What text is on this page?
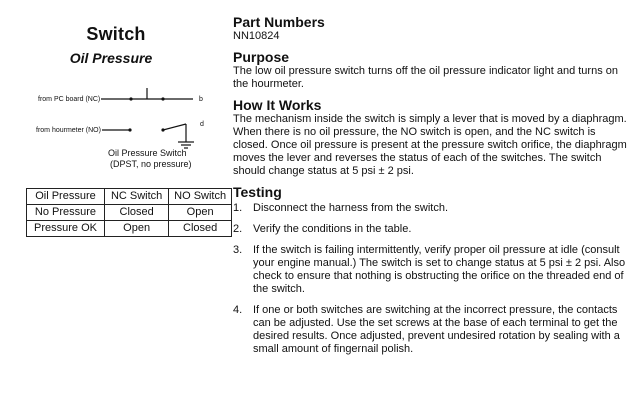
Switch
Oil Pressure
from PC board (NC)	b
from hourmeter (NO)
d
Oil Pressure Switch
(DPST, no pressure)
Oil Pressure	NC Switch	NO Switch
No Pressure	Closed	Open
Pressure OK	Open	Closed
Part Numbers
NN10824
Purpose
The low oil pressure switch turns off the oil pressure indicator light and turns on the hourmeter.
How It Works
The mechanism inside the switch is simply a lever that is moved by a diaphragm. When there is no oil pressure, the NO switch is open, and the NC switch is closed. Once oil pressure is present at the pressure switch orifice, the diaphragm moves the lever and reverses the status of each of the switches. The switch should change status at 5 psi ± 2 psi.
Testing
1. Disconnect the harness from the switch.
2. Verify the conditions in the table.
3. If the switch is failing intermittently, verify proper oil pressure at idle (consult your engine manual.) The switch is set to change status at 5 psi ± 2 psi. Also check to ensure that nothing is obstructing the orifice on the threaded end of the switch.
4. If one or both switches are switching at the incorrect pressure, the contacts can be adjusted. Use the set screws at the base of each terminal to get the desired results. Once adjusted, prevent undesired rotation by sealing with a small amount of fingernail polish.
